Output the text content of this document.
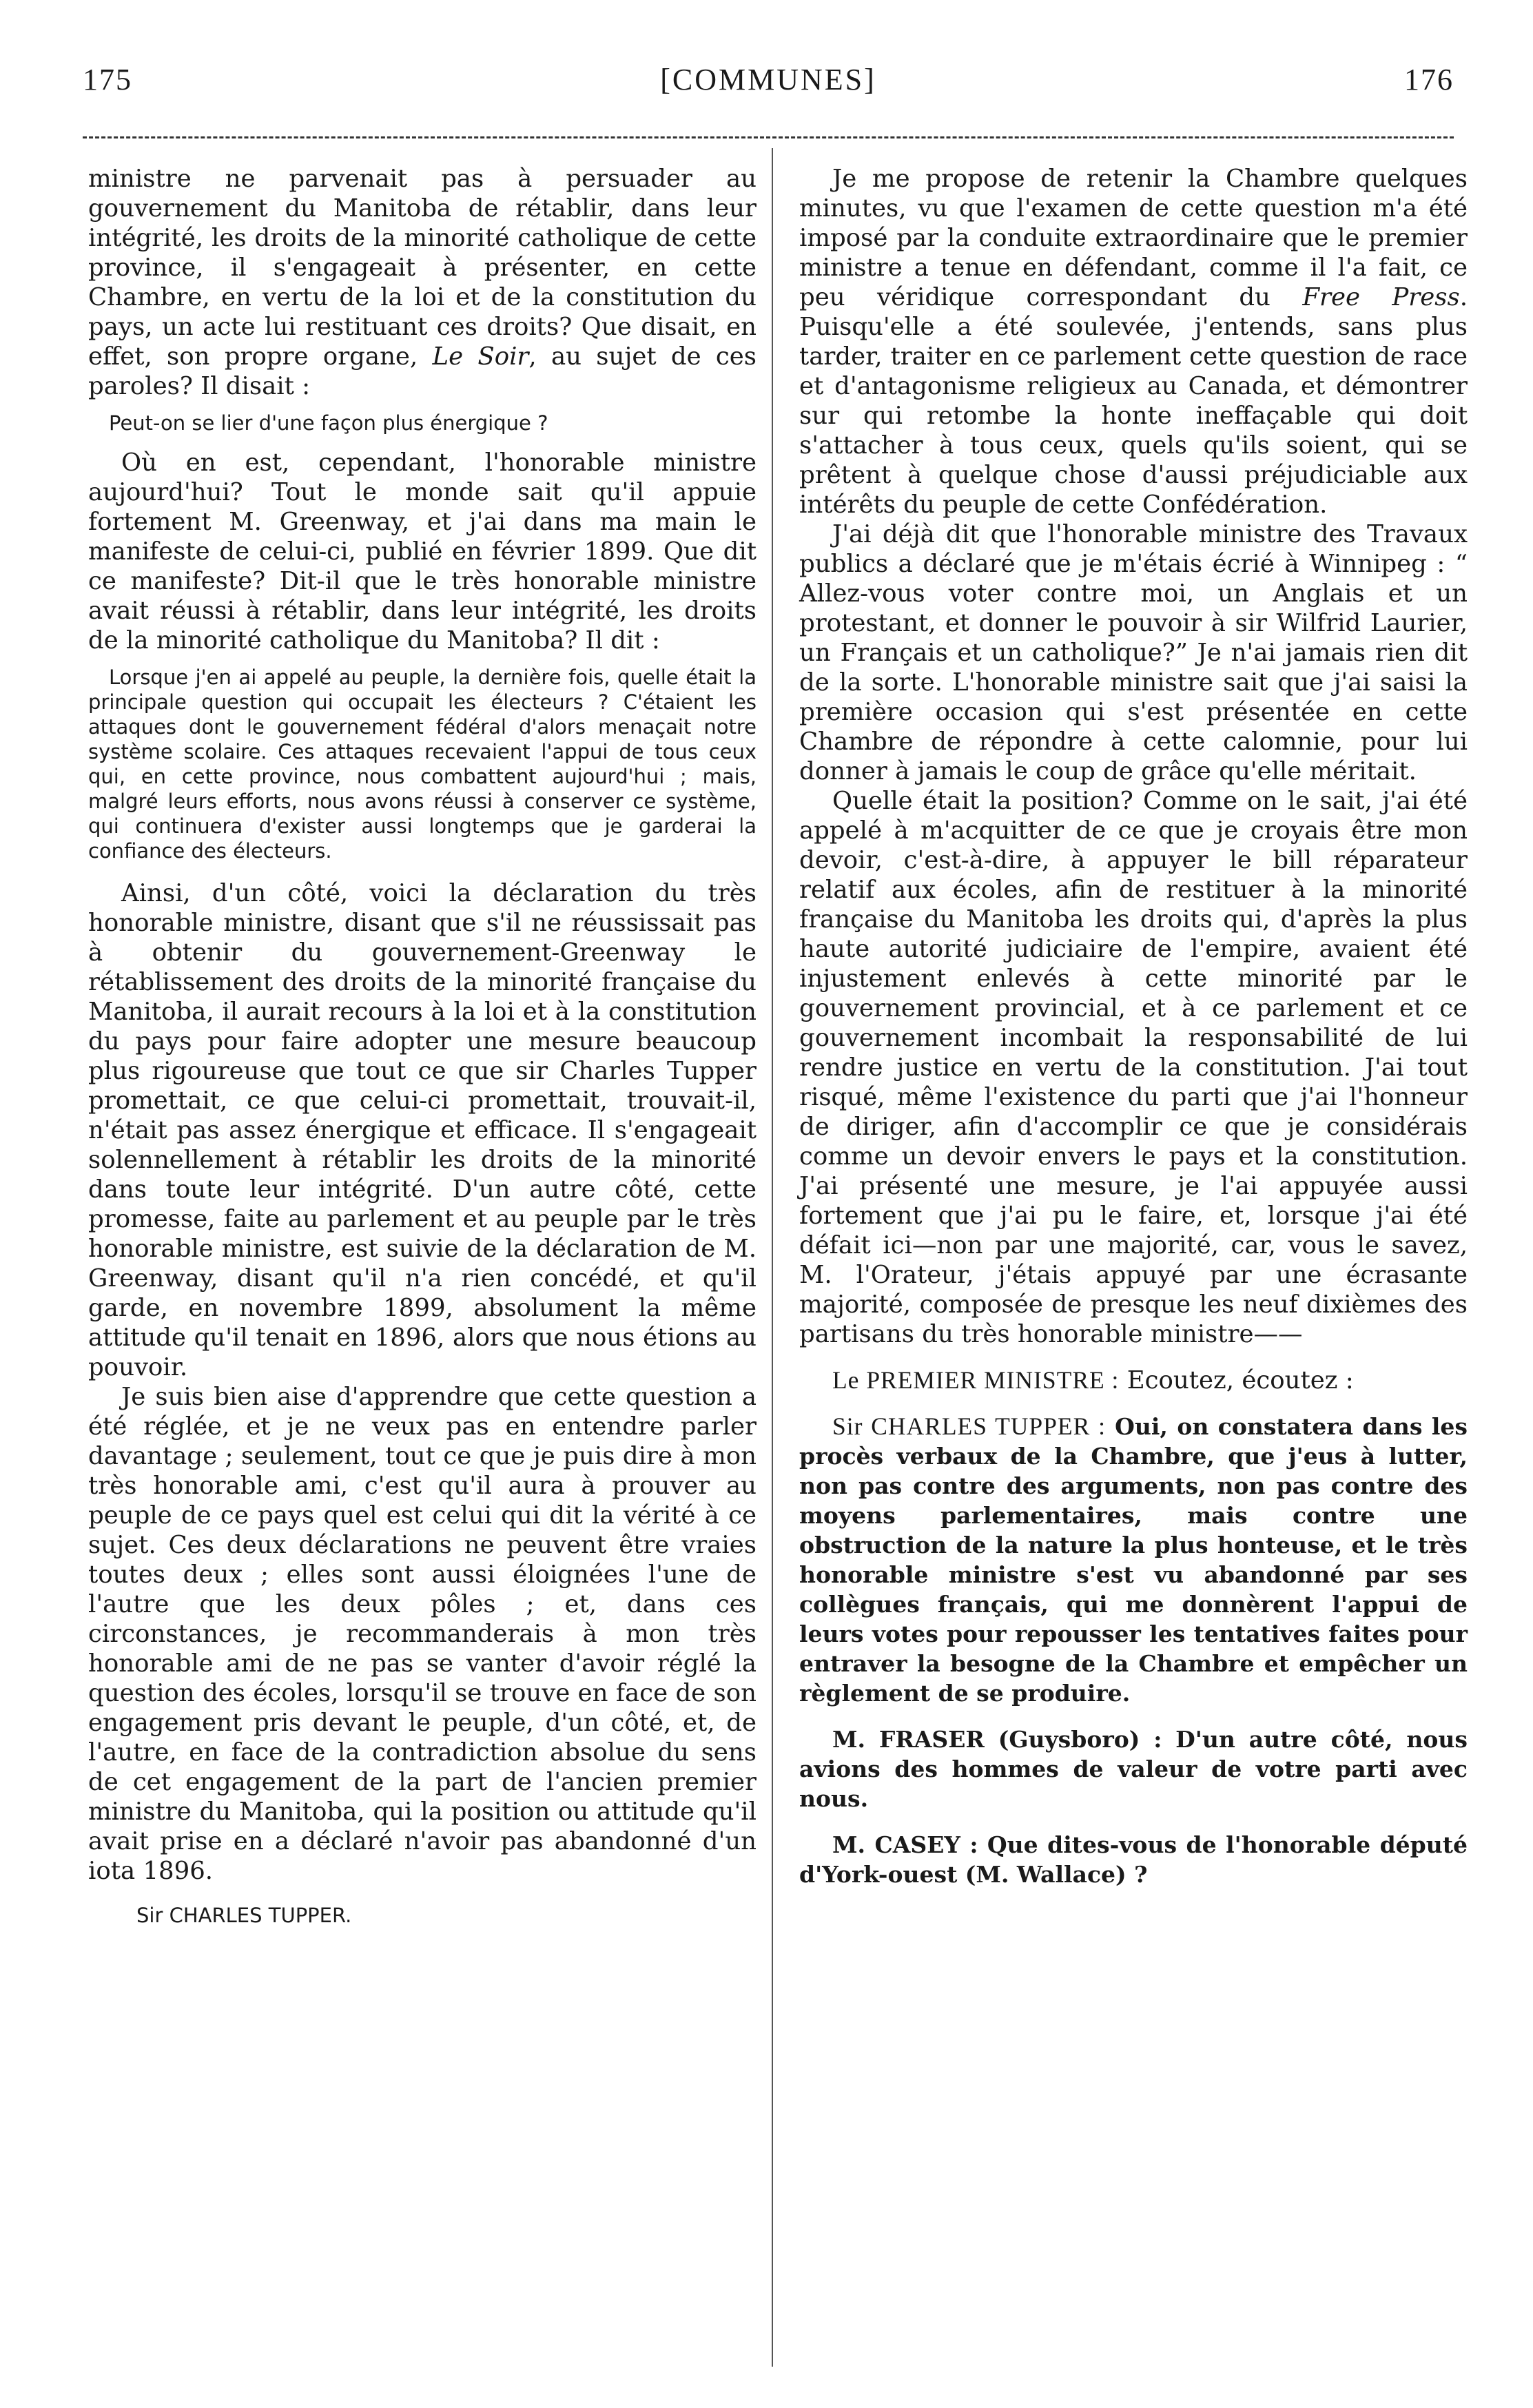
175	[COMMUNES]	176

ministre ne parvenait pas à persuader au gouvernement du Manitoba de rétablir, dans leur intégrité, les droits de la minorité catholique de cette province, il s'engageait à présenter, en cette Chambre, en vertu de la loi et de la constitution du pays, un acte lui restituant ces droits? Que disait, en effet, son propre organe, Le Soir, au sujet de ces paroles? Il disait :

Peut-on se lier d'une façon plus énergique ?

Où en est, cependant, l'honorable ministre aujourd'hui? Tout le monde sait qu'il appuie fortement M. Greenway, et j'ai dans ma main le manifeste de celui-ci, publié en février 1899. Que dit ce manifeste? Dit-il que le très honorable ministre avait réussi à rétablir, dans leur intégrité, les droits de la minorité catholique du Manitoba? Il dit :

Lorsque j'en ai appelé au peuple, la dernière fois, quelle était la principale question qui occupait les électeurs ? C'étaient les attaques dont le gouvernement fédéral d'alors menaçait notre système scolaire. Ces attaques recevaient l'appui de tous ceux qui, en cette province, nous combattent aujourd'hui ; mais, malgré leurs efforts, nous avons réussi à conserver ce système, qui continuera d'exister aussi longtemps que je garderai la confiance des électeurs.

Ainsi, d'un côté, voici la déclaration du très honorable ministre, disant que s'il ne réussissait pas à obtenir du gouvernement-Greenway le rétablissement des droits de la minorité française du Manitoba, il aurait recours à la loi et à la constitution du pays pour faire adopter une mesure beaucoup plus rigoureuse que tout ce que sir Charles Tupper promettait, ce que celui-ci promettait, trouvait-il, n'était pas assez énergique et efficace. Il s'engageait solennellement à rétablir les droits de la minorité dans toute leur intégrité. D'un autre côté, cette promesse, faite au parlement et au peuple par le très honorable ministre, est suivie de la déclaration de M. Greenway, disant qu'il n'a rien concédé, et qu'il garde, en novembre 1899, absolument la même attitude qu'il tenait en 1896, alors que nous étions au pouvoir.

Je suis bien aise d'apprendre que cette question a été réglée, et je ne veux pas en entendre parler davantage ; seulement, tout ce que je puis dire à mon très honorable ami, c'est qu'il aura à prouver au peuple de ce pays quel est celui qui dit la vérité à ce sujet. Ces deux déclarations ne peuvent être vraies toutes deux ; elles sont aussi éloignées l'une de l'autre que les deux pôles ; et, dans ces circonstances, je recommanderais à mon très honorable ami de ne pas se vanter d'avoir réglé la question des écoles, lorsqu'il se trouve en face de son engagement pris devant le peuple, d'un côté, et, de l'autre, en face de la contradiction absolue du sens de cet engagement de la part de l'ancien premier ministre du Manitoba, qui la position ou attitude qu'il avait prise en a déclaré n'avoir pas abandonné d'un iota 1896.

Sir CHARLES TUPPER.

Je me propose de retenir la Chambre quelques minutes, vu que l'examen de cette question m'a été imposé par la conduite extraordinaire que le premier ministre a tenue en défendant, comme il l'a fait, ce peu véridique correspondant du Free Press. Puisqu'elle a été soulevée, j'entends, sans plus tarder, traiter en ce parlement cette question de race et d'antagonisme religieux au Canada, et démontrer sur qui retombe la honte ineffaçable qui doit s'attacher à tous ceux, quels qu'ils soient, qui se prêtent à quelque chose d'aussi préjudiciable aux intérêts du peuple de cette Confédération.

J'ai déjà dit que l'honorable ministre des Travaux publics a déclaré que je m'étais écrié à Winnipeg : “ Allez-vous voter contre moi, un Anglais et un protestant, et donner le pouvoir à sir Wilfrid Laurier, un Français et un catholique?” Je n'ai jamais rien dit de la sorte. L'honorable ministre sait que j'ai saisi la première occasion qui s'est présentée en cette Chambre de répondre à cette calomnie, pour lui donner à jamais le coup de grâce qu'elle méritait.

Quelle était la position? Comme on le sait, j'ai été appelé à m'acquitter de ce que je croyais être mon devoir, c'est-à-dire, à appuyer le bill réparateur relatif aux écoles, afin de restituer à la minorité française du Manitoba les droits qui, d'après la plus haute autorité judiciaire de l'empire, avaient été injustement enlevés à cette minorité par le gouvernement provincial, et à ce parlement et ce gouvernement incombait la responsabilité de lui rendre justice en vertu de la constitution. J'ai tout risqué, même l'existence du parti que j'ai l'honneur de diriger, afin d'accomplir ce que je considérais comme un devoir envers le pays et la constitution. J'ai présenté une mesure, je l'ai appuyée aussi fortement que j'ai pu le faire, et, lorsque j'ai été défait ici—non par une majorité, car, vous le savez, M. l'Orateur, j'étais appuyé par une écrasante majorité, composée de presque les neuf dixièmes des partisans du très honorable ministre——

Le PREMIER MINISTRE : Ecoutez, écoutez :

Sir CHARLES TUPPER : Oui, on constatera dans les procès verbaux de la Chambre, que j'eus à lutter, non pas contre des arguments, non pas contre des moyens parlementaires, mais contre une obstruction de la nature la plus honteuse, et le très honorable ministre s'est vu abandonné par ses collègues français, qui me donnèrent l'appui de leurs votes pour repousser les tentatives faites pour entraver la besogne de la Chambre et empêcher un règlement de se produire.

M. FRASER (Guysboro) : D'un autre côté, nous avions des hommes de valeur de votre parti avec nous.

M. CASEY : Que dites-vous de l'honorable député d'York-ouest (M. Wallace) ?
